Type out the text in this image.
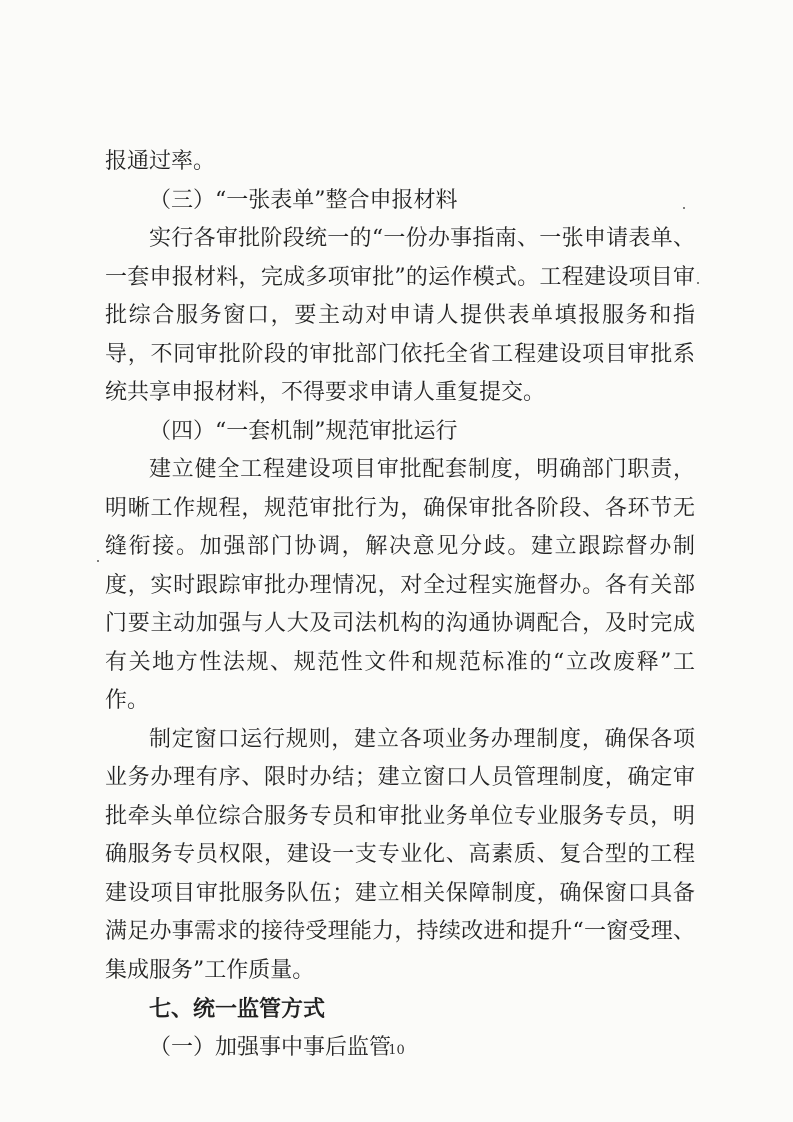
报通过率。

（三）“一张表单”整合申报材料

实行各审批阶段统一的“一份办事指南、一张申请表单、一套申报材料，完成多项审批”的运作模式。工程建设项目审批综合服务窗口，要主动对申请人提供表单填报服务和指导，不同审批阶段的审批部门依托全省工程建设项目审批系统共享申报材料，不得要求申请人重复提交。

（四）“一套机制”规范审批运行

建立健全工程建设项目审批配套制度，明确部门职责，明晰工作规程，规范审批行为，确保审批各阶段、各环节无缝衔接。加强部门协调，解决意见分歧。建立跟踪督办制度，实时跟踪审批办理情况，对全过程实施督办。各有关部门要主动加强与人大及司法机构的沟通协调配合，及时完成有关地方性法规、规范性文件和规范标准的“立改废释”工作。

制定窗口运行规则，建立各项业务办理制度，确保各项业务办理有序、限时办结；建立窗口人员管理制度，确定审批牵头单位综合服务专员和审批业务单位专业服务专员，明确服务专员权限，建设一支专业化、高素质、复合型的工程建设项目审批服务队伍；建立相关保障制度，确保窗口具备满足办事需求的接待受理能力，持续改进和提升“一窗受理、集成服务”工作质量。

七、统一监管方式

（一）加强事中事后监管

10
